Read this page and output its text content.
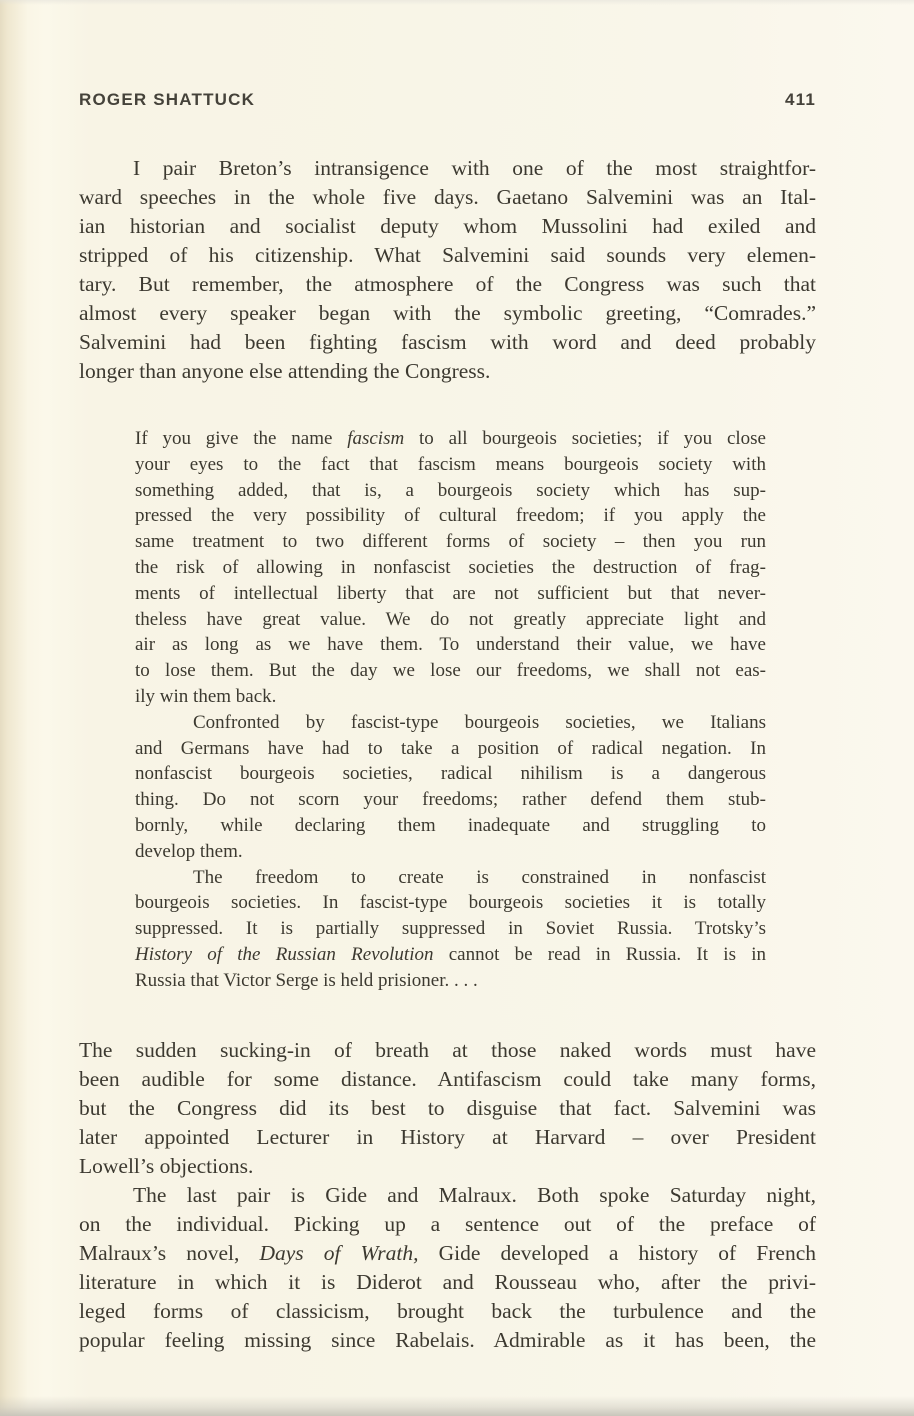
ROGER SHATTUCK	411
I pair Breton’s intransigence with one of the most straightfor-
ward speeches in the whole five days. Gaetano Salvemini was an Ital-
ian historian and socialist deputy whom Mussolini had exiled and
stripped of his citizenship. What Salvemini said sounds very elemen-
tary. But remember, the atmosphere of the Congress was such that
almost every speaker began with the symbolic greeting, “Comrades.”
Salvemini had been fighting fascism with word and deed probably
longer than anyone else attending the Congress.
If you give the name fascism to all bourgeois societies; if you close
your eyes to the fact that fascism means bourgeois society with
something added, that is, a bourgeois society which has sup-
pressed the very possibility of cultural freedom; if you apply the
same treatment to two different forms of society – then you run
the risk of allowing in nonfascist societies the destruction of frag-
ments of intellectual liberty that are not sufficient but that never-
theless have great value. We do not greatly appreciate light and
air as long as we have them. To understand their value, we have
to lose them. But the day we lose our freedoms, we shall not eas-
ily win them back.
Confronted by fascist-type bourgeois societies, we Italians
and Germans have had to take a position of radical negation. In
nonfascist bourgeois societies, radical nihilism is a dangerous
thing. Do not scorn your freedoms; rather defend them stub-
bornly, while declaring them inadequate and struggling to
develop them.
The freedom to create is constrained in nonfascist
bourgeois societies. In fascist-type bourgeois societies it is totally
suppressed. It is partially suppressed in Soviet Russia. Trotsky’s
History of the Russian Revolution cannot be read in Russia. It is in
Russia that Victor Serge is held prisioner. . . .
The sudden sucking-in of breath at those naked words must have
been audible for some distance. Antifascism could take many forms,
but the Congress did its best to disguise that fact. Salvemini was
later appointed Lecturer in History at Harvard – over President
Lowell’s objections.
The last pair is Gide and Malraux. Both spoke Saturday night,
on the individual. Picking up a sentence out of the preface of
Malraux’s novel, Days of Wrath, Gide developed a history of French
literature in which it is Diderot and Rousseau who, after the privi-
leged forms of classicism, brought back the turbulence and the
popular feeling missing since Rabelais. Admirable as it has been, the
